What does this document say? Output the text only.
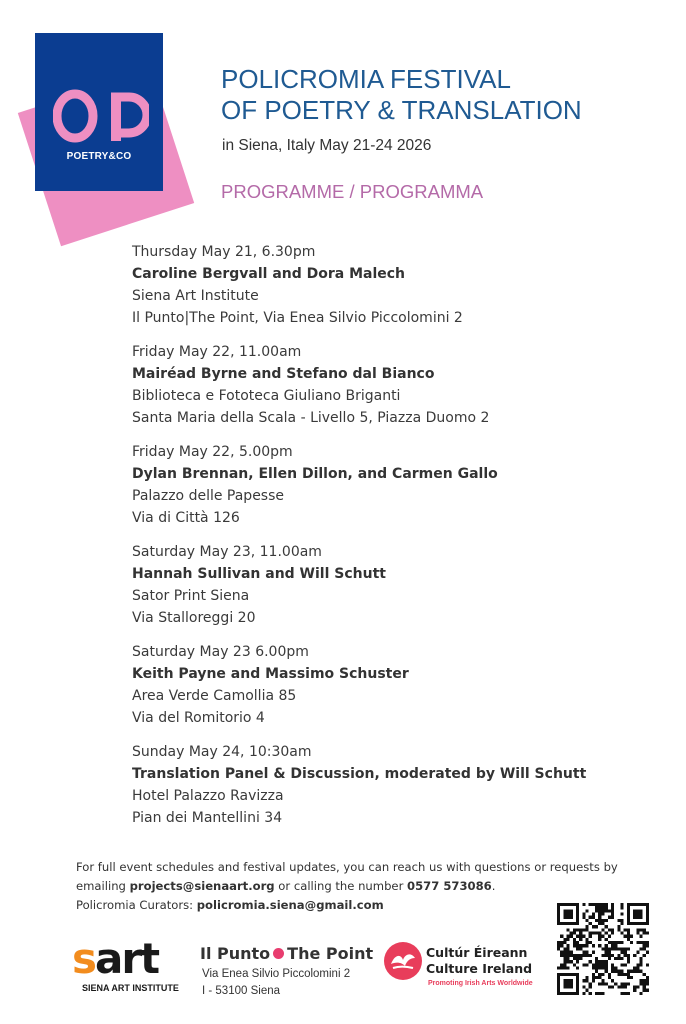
POETRY&CO
POLICROMIA FESTIVAL
OF POETRY & TRANSLATION
in Siena, Italy May 21-24 2026
PROGRAMME / PROGRAMMA
Thursday May 21, 6.30pm
Caroline Bergvall and Dora Malech
Siena Art Institute
Il Punto|The Point, Via Enea Silvio Piccolomini 2
Friday May 22, 11.00am
Mairéad Byrne and Stefano dal Bianco
Biblioteca e Fototeca Giuliano Briganti
Santa Maria della Scala - Livello 5, Piazza Duomo 2
Friday May 22, 5.00pm
Dylan Brennan, Ellen Dillon, and Carmen Gallo
Palazzo delle Papesse
Via di Città 126
Saturday May 23, 11.00am
Hannah Sullivan and Will Schutt
Sator Print Siena
Via Stalloreggi 20
Saturday May 23 6.00pm
Keith Payne and Massimo Schuster
Area Verde Camollia 85
Via del Romitorio 4
Sunday May 24, 10:30am
Translation Panel & Discussion, moderated by Will Schutt
Hotel Palazzo Ravizza
Pian dei Mantellini 34

For full event schedules and festival updates, you can reach us with questions or requests by

emailing projects@sienaart.org or calling the number 0577 573086.

Policromia Curators: policromia.siena@gmail.com

sart
SIENA ART INSTITUTE
Il Punto The Point
Via Enea Silvio Piccolomini 2
I - 53100 Siena
Cultúr Éireann
Culture Ireland
Promoting Irish Arts Worldwide
